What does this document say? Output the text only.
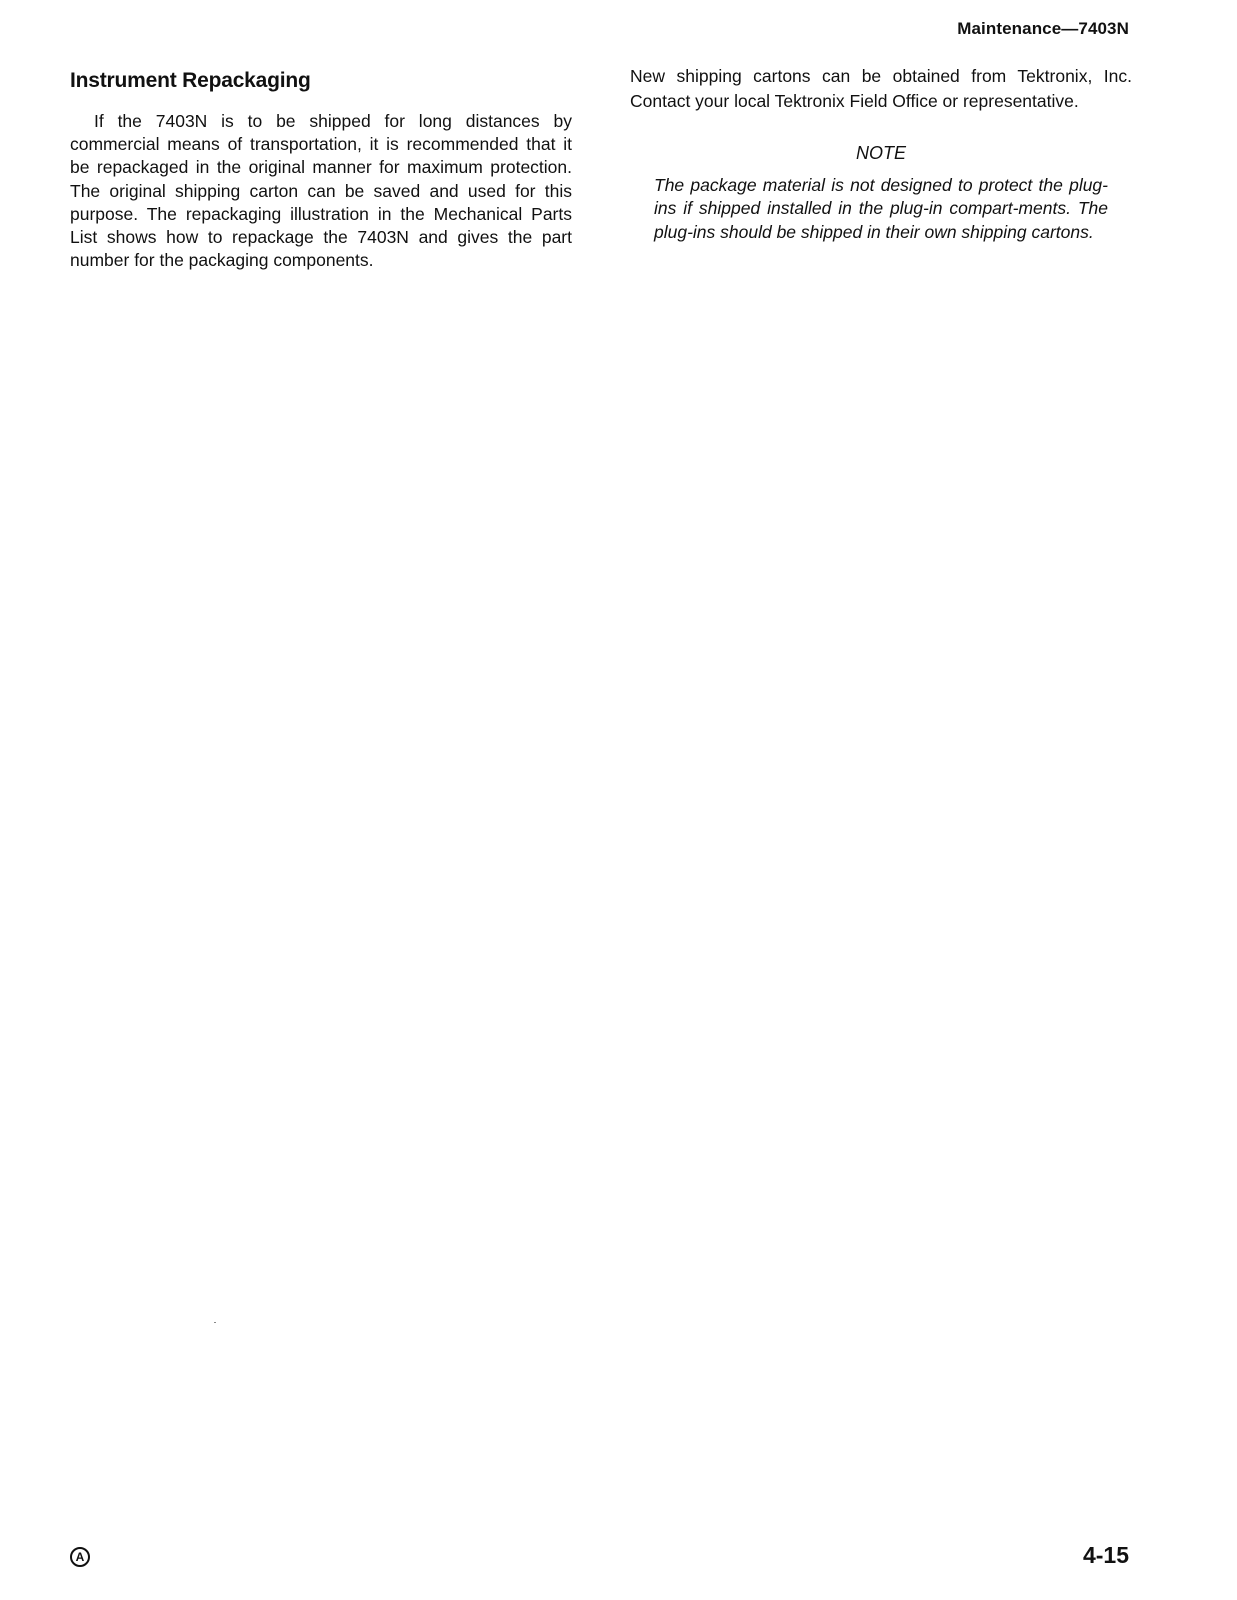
Maintenance—7403N
Instrument Repackaging

If the 7403N is to be shipped for long distances by commercial means of transportation, it is recommended that it be repackaged in the original manner for maximum protection. The original shipping carton can be saved and used for this purpose. The repackaging illustration in the Mechanical Parts List shows how to repackage the 7403N and gives the part number for the packaging components.

New shipping cartons can be obtained from Tektronix, Inc. Contact your local Tektronix Field Office or representative.

NOTE

The package material is not designed to protect the plug-ins if shipped installed in the plug-in compart-ments. The plug-ins should be shipped in their own shipping cartons.

A	4-15
